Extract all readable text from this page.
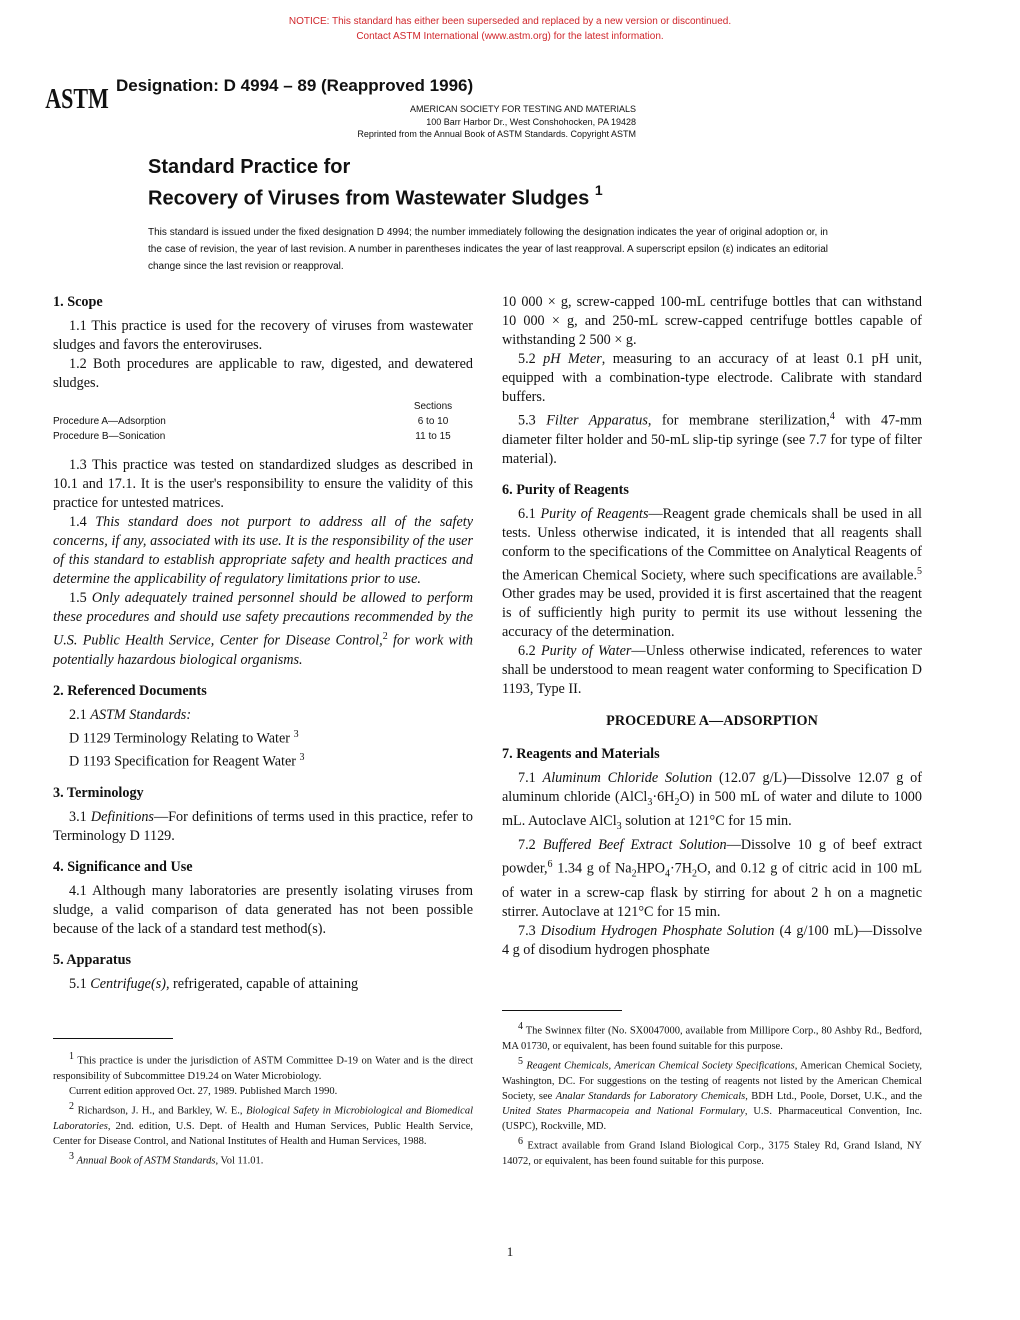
NOTICE: This standard has either been superseded and replaced by a new version or discontinued.
Contact ASTM International (www.astm.org) for the latest information.
ASTM Designation: D 4994 – 89 (Reapproved 1996)
AMERICAN SOCIETY FOR TESTING AND MATERIALS
100 Barr Harbor Dr., West Conshohocken, PA 19428
Reprinted from the Annual Book of ASTM Standards. Copyright ASTM
Standard Practice for
Recovery of Viruses from Wastewater Sludges $^1$
This standard is issued under the fixed designation D 4994; the number immediately following the designation indicates the year of original adoption or, in the case of revision, the year of last revision. A number in parentheses indicates the year of last reapproval. A superscript epsilon (ε) indicates an editorial change since the last revision or reapproval.
1. Scope

1.1 This practice is used for the recovery of viruses from wastewater sludges and favors the enteroviruses.

1.2 Both procedures are applicable to raw, digested, and dewatered sludges.

Sections
Procedure A—Adsorption	6 to 10
Procedure B—Sonication	11 to 15

1.3 This practice was tested on standardized sludges as described in 10.1 and 17.1. It is the user's responsibility to ensure the validity of this practice for untested matrices.

1.4 This standard does not purport to address all of the safety concerns, if any, associated with its use. It is the responsibility of the user of this standard to establish appropriate safety and health practices and determine the applicability of regulatory limitations prior to use.

1.5 Only adequately trained personnel should be allowed to perform these procedures and should use safety precautions recommended by the U.S. Public Health Service, Center for Disease Control,$^2$ for work with potentially hazardous biological organisms.

2. Referenced Documents

2.1 ASTM Standards:

D 1129 Terminology Relating to Water $^3$
D 1193 Specification for Reagent Water $^3$
3. Terminology

3.1 Definitions—For definitions of terms used in this practice, refer to Terminology D 1129.

4. Significance and Use

4.1 Although many laboratories are presently isolating viruses from sludge, a valid comparison of data generated has not been possible because of the lack of a standard test method(s).

5. Apparatus

5.1 Centrifuge(s), refrigerated, capable of attaining

10 000 × g, screw-capped 100-mL centrifuge bottles that can withstand 10 000 × g, and 250-mL screw-capped centrifuge bottles capable of withstanding 2 500 × g.

5.2 pH Meter, measuring to an accuracy of at least 0.1 pH unit, equipped with a combination-type electrode. Calibrate with standard buffers.

5.3 Filter Apparatus, for membrane sterilization,$^4$ with 47-mm diameter filter holder and 50-mL slip-tip syringe (see 7.7 for type of filter material).

6. Purity of Reagents

6.1 Purity of Reagents—Reagent grade chemicals shall be used in all tests. Unless otherwise indicated, it is intended that all reagents shall conform to the specifications of the Committee on Analytical Reagents of the American Chemical Society, where such specifications are available.$^5$ Other grades may be used, provided it is first ascertained that the reagent is of sufficiently high purity to permit its use without lessening the accuracy of the determination.

6.2 Purity of Water—Unless otherwise indicated, references to water shall be understood to mean reagent water conforming to Specification D 1193, Type II.

PROCEDURE A—ADSORPTION
7. Reagents and Materials

7.1 Aluminum Chloride Solution (12.07 g/L)—Dissolve 12.07 g of aluminum chloride $(AlCl_3\cdot 6H_2O)$ in 500 mL of water and dilute to 1000 mL. Autoclave AlCl$_3$ solution at 121°C for 15 min.

7.2 Buffered Beef Extract Solution—Dissolve 10 g of beef extract powder,$^6$ 1.34 g of $Na_2HPO_4\cdot 7H_2O$, and 0.12 g of citric acid in 100 mL of water in a screw-cap flask by stirring for about 2 h on a magnetic stirrer. Autoclave at 121°C for 15 min.

7.3 Disodium Hydrogen Phosphate Solution (4 g/100 mL)—Dissolve 4 g of disodium hydrogen phosphate

$^1$ This practice is under the jurisdiction of ASTM Committee D-19 on Water and is the direct responsibility of Subcommittee D19.24 on Water Microbiology.

Current edition approved Oct. 27, 1989. Published March 1990.

$^2$ Richardson, J. H., and Barkley, W. E., Biological Safety in Microbiological and Biomedical Laboratories, 2nd. edition, U.S. Dept. of Health and Human Services, Public Health Service, Center for Disease Control, and National Institutes of Health and Human Services, 1988.

$^3$ Annual Book of ASTM Standards, Vol 11.01.

$^4$ The Swinnex filter (No. SX0047000, available from Millipore Corp., 80 Ashby Rd., Bedford, MA 01730, or equivalent, has been found suitable for this purpose.

$^5$ Reagent Chemicals, American Chemical Society Specifications, American Chemical Society, Washington, DC. For suggestions on the testing of reagents not listed by the American Chemical Society, see Analar Standards for Laboratory Chemicals, BDH Ltd., Poole, Dorset, U.K., and the United States Pharmacopeia and National Formulary, U.S. Pharmaceutical Convention, Inc. (USPC), Rockville, MD.

$^6$ Extract available from Grand Island Biological Corp., 3175 Staley Rd, Grand Island, NY 14072, or equivalent, has been found suitable for this purpose.

1
